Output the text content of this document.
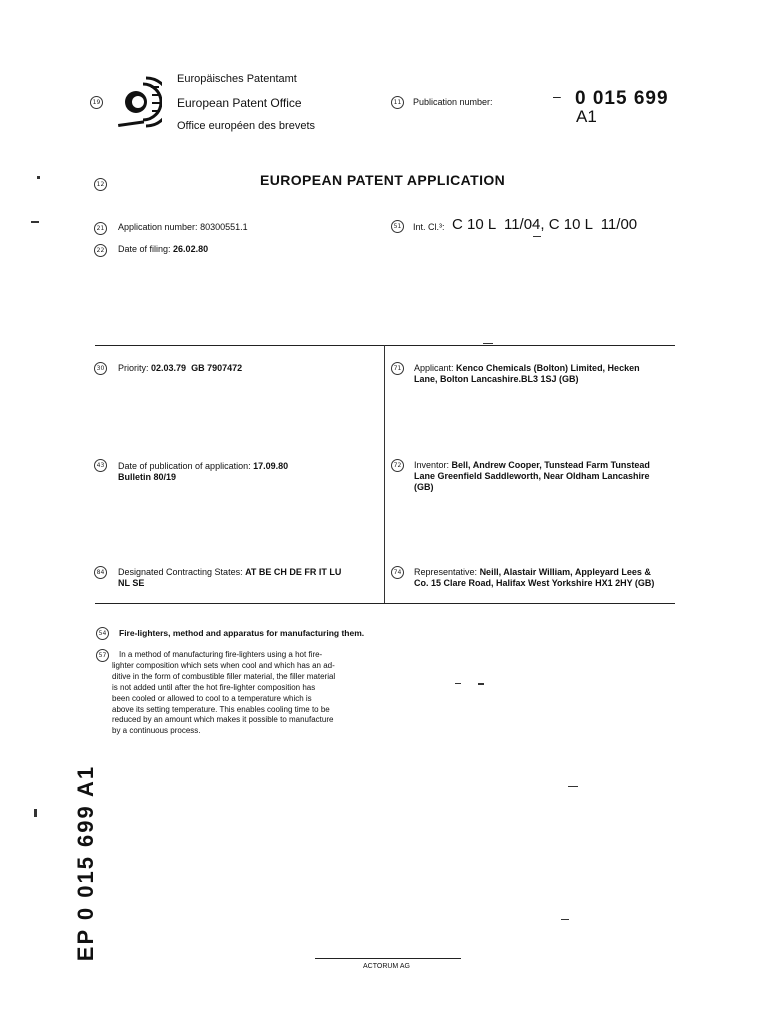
19
Europäisches Patentamt
European Patent Office
Office européen des brevets
11 Publication number:	– 0 015 699
A1
12	EUROPEAN PATENT APPLICATION
21 Application number: 80300551.1
22 Date of filing: 26.02.80
51 Int. Cl.³: C 10 L  11/04, C 10 L  11/00
30 Priority: 02.03.79  GB 7907472
43 Date of publication of application: 17.09.80
Bulletin 80/19
84 Designated Contracting States: AT BE CH DE FR IT LU
NL SE
71 Applicant: Kenco Chemicals (Bolton) Limited, Hecken
Lane, Bolton Lancashire.BL3 1SJ (GB)
72 Inventor: Bell, Andrew Cooper, Tunstead Farm Tunstead
Lane Greenfield Saddleworth, Near Oldham Lancashire
(GB)
74 Representative: Neill, Alastair William, Appleyard Lees &
Co. 15 Clare Road, Halifax West Yorkshire HX1 2HY (GB)
54	Fire-lighters, method and apparatus for manufacturing them.
57	In a method of manufacturing fire-lighters using a hot fire-
lighter composition which sets when cool and which has an ad-
ditive in the form of combustible filler material, the filler material
is not added until after the hot fire-lighter composition has
been cooled or allowed to cool to a temperature which is
above its setting temperature. This enables cooling time to be
reduced by an amount which makes it possible to manufacture
by a continuous process.
EP 0 015 699 A1
ACTORUM AG
